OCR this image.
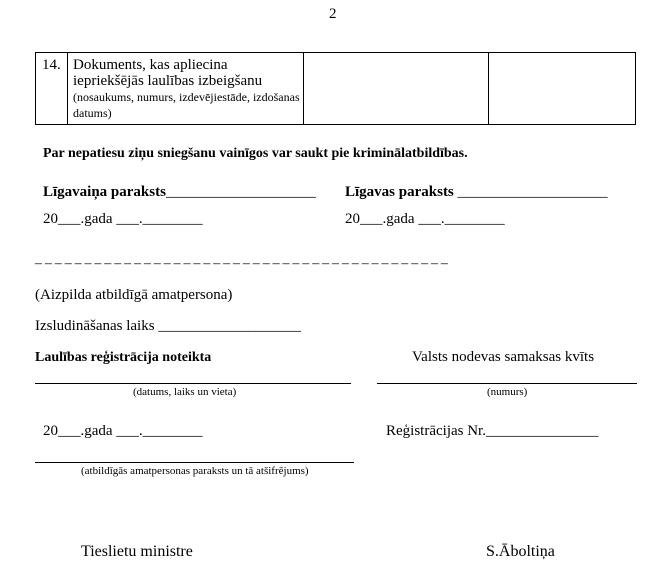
2
14. Dokuments, kas apliecina iepriekšējās laulības izbeigšanu (nosaukums, numurs, izdevējiestāde, izdošanas datums)
Par nepatiesu ziņu sniegšanu vainīgos var saukt pie kriminālatbildības.
Līgavaiņa paraksts____________________ Līgavas paraksts ____________________
20___.gada ___.________	20___.gada ___.________
– – – – – – – – – – – – – – – – – – – – – – – – – – – – – – – – – – – – – – – – – –
(Aizpilda atbildīgā amatpersona)
Izsludināšanas laiks ___________________
Laulības reģistrācija noteikta	Valsts nodevas samaksas kvīts
(datums, laiks un vieta)	(numurs)
20___.gada ___.________	Reģistrācijas Nr._______________
(atbildīgās amatpersonas paraksts un tā atšifrējums)
Tieslietu ministre	S.Āboltiņa
